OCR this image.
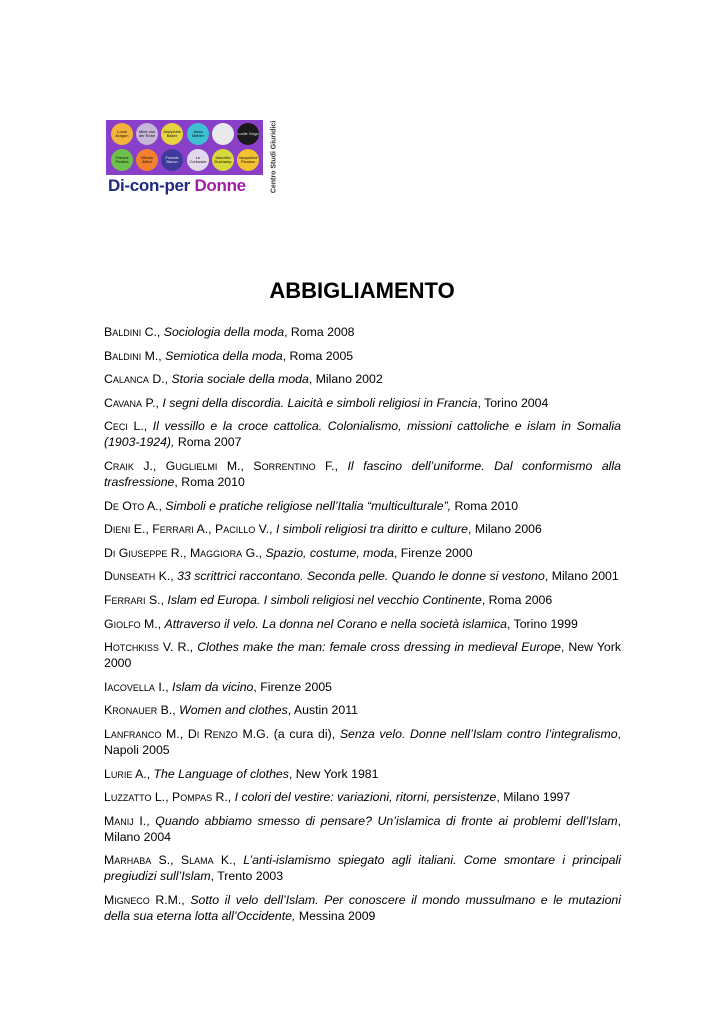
Louis Aragon
Mies van der Rohe
Josephine Baker
Alma Mahler	Lucile Gogo
Francis Picabia
Vittorio Alfieri
Francis Bacon
Le Corbusier
Marcello Duchamp
Jacqueline Picasso
Di-con-per Donne	Centro Studi Giuridici
ABBIGLIAMENTO

Baldini C., Sociologia della moda, Roma 2008

Baldini M., Semiotica della moda, Roma 2005

Calanca D., Storia sociale della moda, Milano 2002

Cavana P., I segni della discordia. Laicità e simboli religiosi in Francia, Torino 2004

Ceci L., Il vessillo e la croce cattolica. Colonialismo, missioni cattoliche e islam in Somalia (1903-1924), Roma 2007

Craik J., Guglielmi M., Sorrentino F., Il fascino dell’uniforme. Dal conformismo alla trasfressione, Roma 2010

De Oto A., Simboli e pratiche religiose nell’Italia “multiculturale”, Roma 2010

Dieni E., Ferrari A., Pacillo V., I simboli religiosi tra diritto e culture, Milano 2006

Di Giuseppe R., Maggiora G., Spazio, costume, moda, Firenze 2000

Dunseath K., 33 scrittrici raccontano. Seconda pelle. Quando le donne si vestono, Milano 2001

Ferrari S., Islam ed Europa. I simboli religiosi nel vecchio Continente, Roma 2006

Giolfo M., Attraverso il velo. La donna nel Corano e nella società islamica, Torino 1999

Hotchkiss V. R., Clothes make the man: female cross dressing in medieval Europe, New York 2000

Iacovella I., Islam da vicino, Firenze 2005

Kronauer B., Women and clothes, Austin 2011

Lanfranco M., Di Renzo M.G. (a cura di), Senza velo. Donne nell’Islam contro l’integralismo, Napoli 2005

Lurie A., The Language of clothes, New York 1981

Luzzatto L., Pompas R., I colori del vestire: variazioni, ritorni, persistenze, Milano 1997

Manij I., Quando abbiamo smesso di pensare? Un’islamica di fronte ai problemi dell’Islam, Milano 2004

Marhaba S., Slama K., L’anti-islamismo spiegato agli italiani. Come smontare i principali pregiudizi sull’Islam, Trento 2003

Migneco R.M., Sotto il velo dell’Islam. Per conoscere il mondo mussulmano e le mutazioni della sua eterna lotta all’Occidente, Messina 2009
